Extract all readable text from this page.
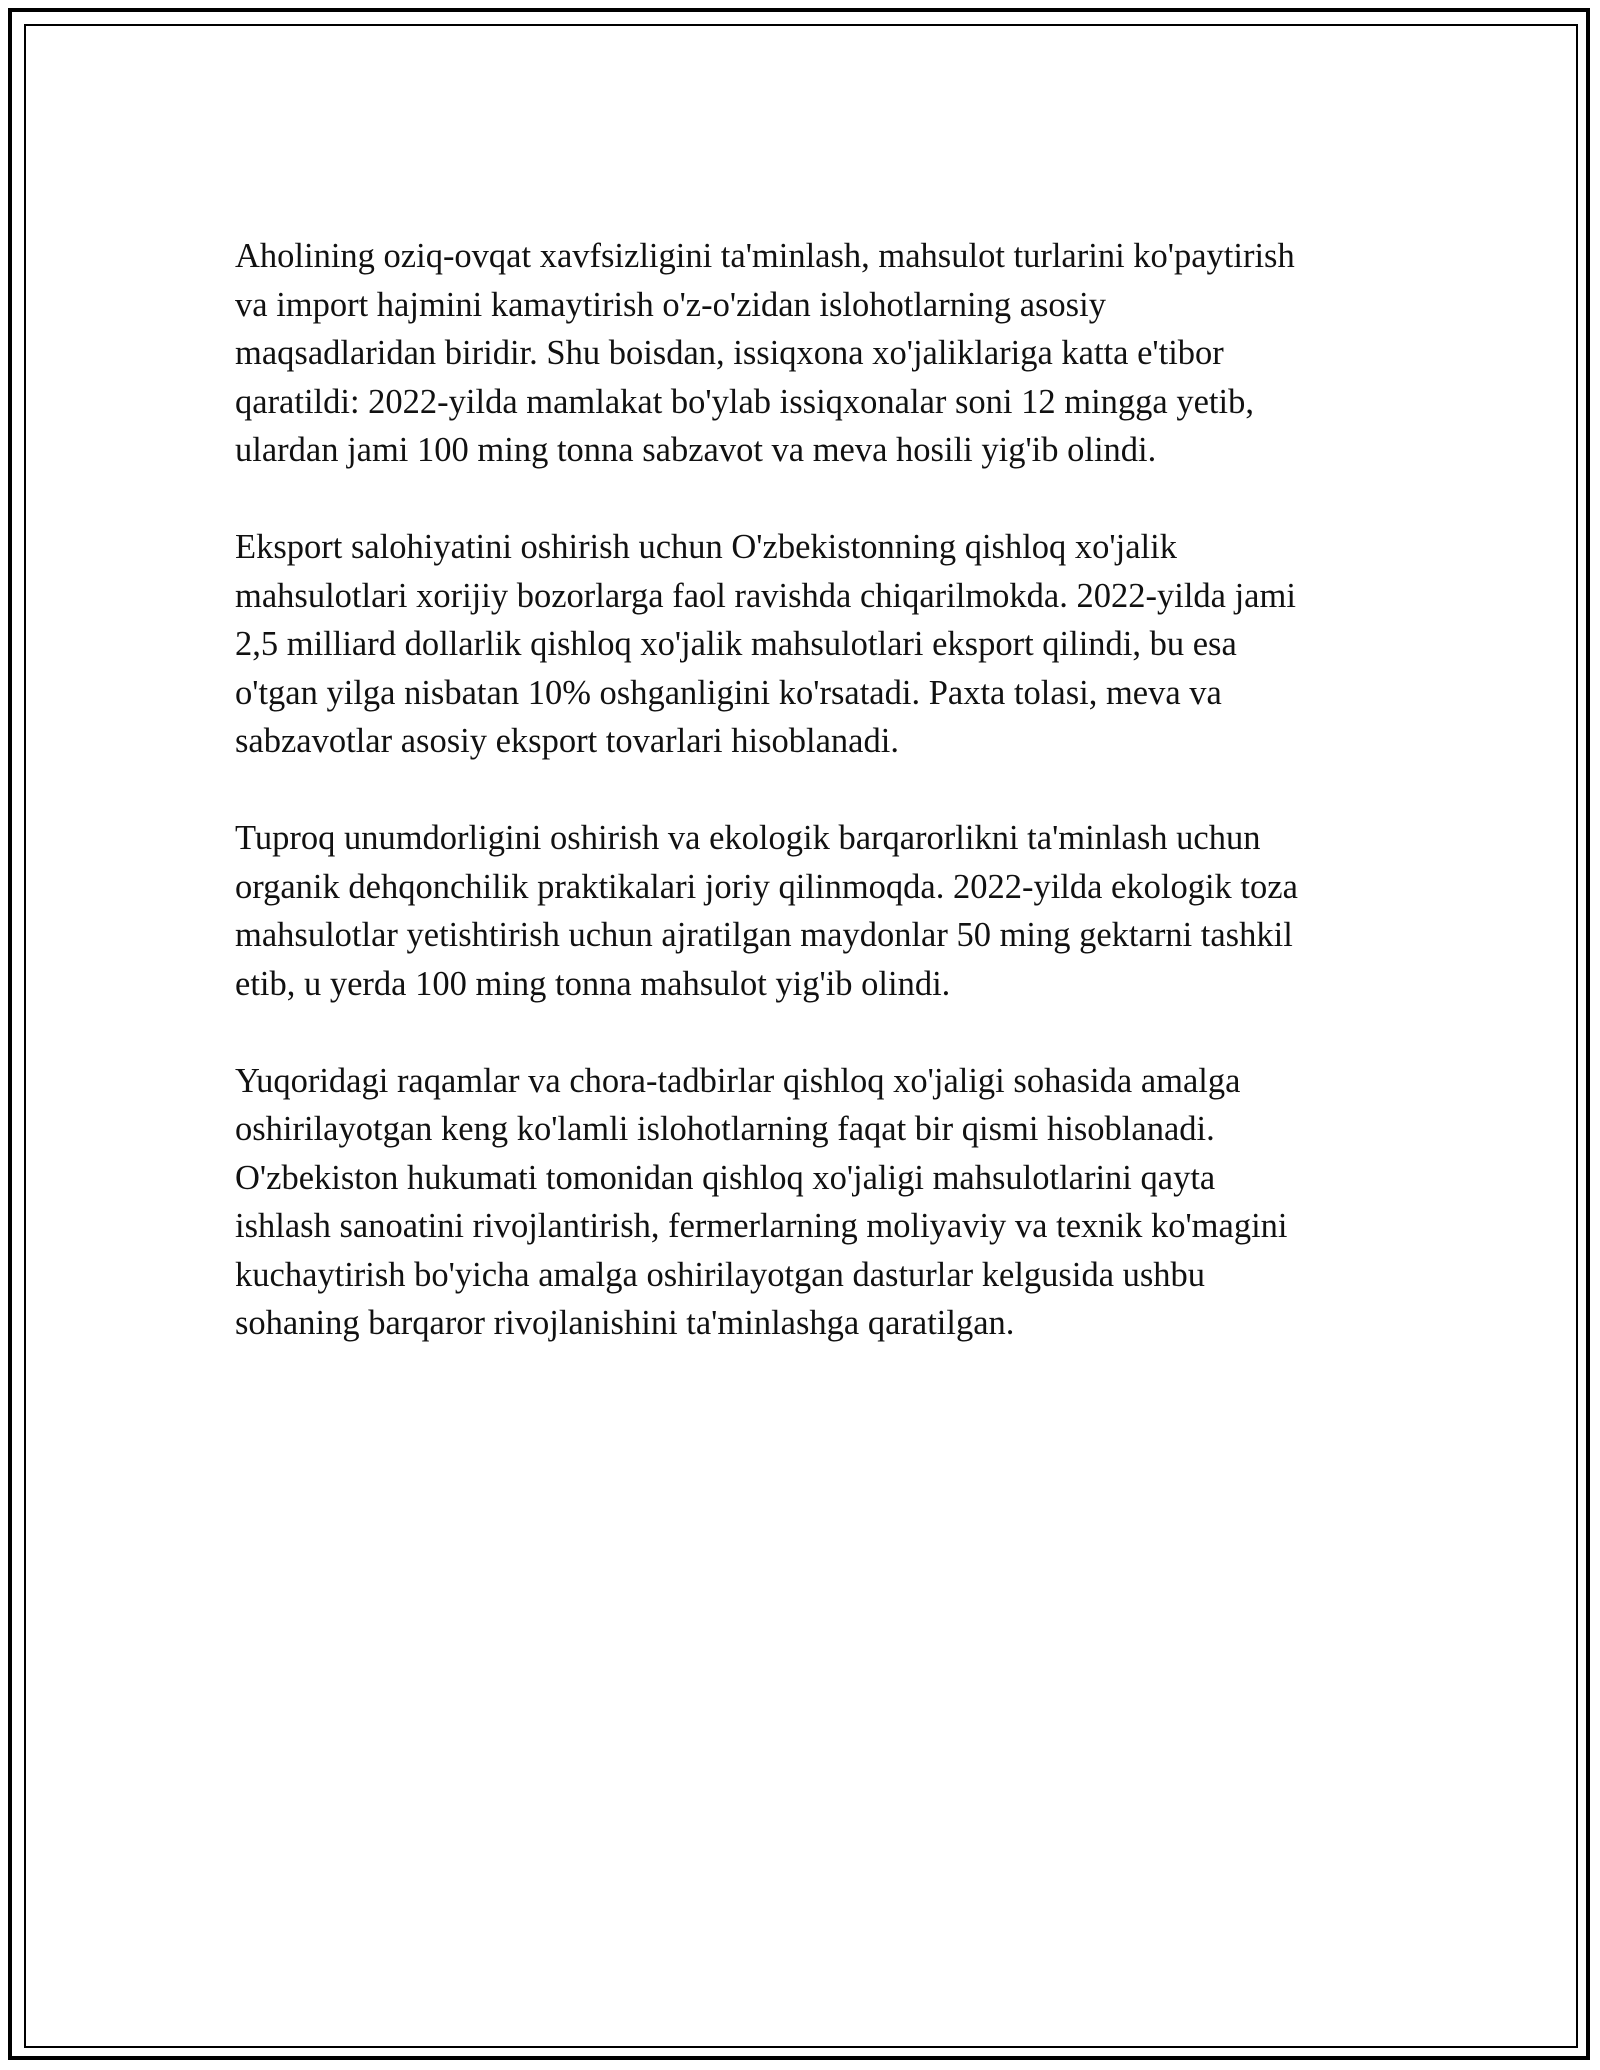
Aholining oziq-ovqat xavfsizligini ta'minlash, mahsulot turlarini ko'paytirish
va import hajmini kamaytirish o'z-o'zidan islohotlarning asosiy
maqsadlaridan biridir. Shu boisdan, issiqxona xo'jaliklariga katta e'tibor
qaratildi: 2022-yilda mamlakat bo'ylab issiqxonalar soni 12 mingga yetib,
ulardan jami 100 ming tonna sabzavot va meva hosili yig'ib olindi.

Eksport salohiyatini oshirish uchun O'zbekistonning qishloq xo'jalik
mahsulotlari xorijiy bozorlarga faol ravishda chiqarilmokda. 2022-yilda jami
2,5 milliard dollarlik qishloq xo'jalik mahsulotlari eksport qilindi, bu esa
o'tgan yilga nisbatan 10% oshganligini ko'rsatadi. Paxta tolasi, meva va
sabzavotlar asosiy eksport tovarlari hisoblanadi.

Tuproq unumdorligini oshirish va ekologik barqarorlikni ta'minlash uchun
organik dehqonchilik praktikalari joriy qilinmoqda. 2022-yilda ekologik toza
mahsulotlar yetishtirish uchun ajratilgan maydonlar 50 ming gektarni tashkil
etib, u yerda 100 ming tonna mahsulot yig'ib olindi.

Yuqoridagi raqamlar va chora-tadbirlar qishloq xo'jaligi sohasida amalga
oshirilayotgan keng ko'lamli islohotlarning faqat bir qismi hisoblanadi.
O'zbekiston hukumati tomonidan qishloq xo'jaligi mahsulotlarini qayta
ishlash sanoatini rivojlantirish, fermerlarning moliyaviy va texnik ko'magini
kuchaytirish bo'yicha amalga oshirilayotgan dasturlar kelgusida ushbu
sohaning barqaror rivojlanishini ta'minlashga qaratilgan.
